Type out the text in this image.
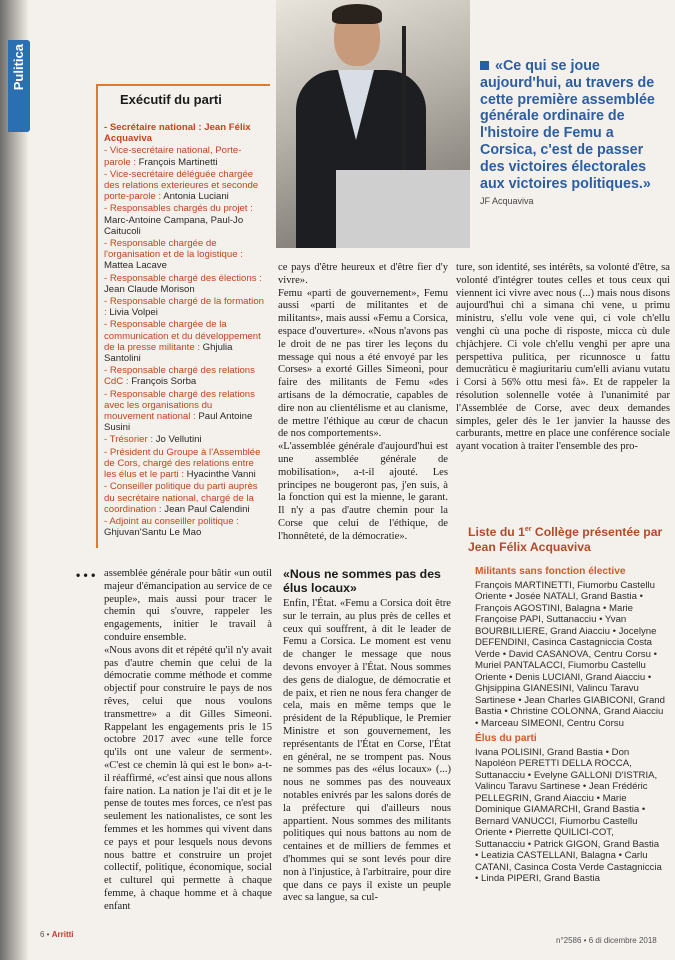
Pulitica
Exécutif du parti
- Secrétaire national : Jean Félix Acquaviva
- Vice-secrétaire national, Porte-parole : François Martinetti
- Vice-secrétaire déléguée chargée des relations exterieures et seconde porte-parole : Antonia Luciani
- Responsables chargés du projet : Marc-Antoine Campana, Paul-Jo Caitucoli
- Responsable chargée de l'organisation et de la logistique : Mattea Lacave
- Responsable chargé des élections : Jean Claude Morison
- Responsable chargé de la formation : Livia Volpei
- Responsable chargée de la communication et du développement de la presse militante : Ghjulia Santolini
- Responsable chargé des relations CdC : François Sorba
- Responsable chargé des relations avec les organisations du mouvement national : Paul Antoine Susini
- Trésorier : Jo Vellutini
- Président du Groupe à l'Assemblée de Cors, chargé des relations entre les élus et le parti : Hyacinthe Vanni
- Conseiller politique du parti auprès du secrétaire national, chargé de la coordination : Jean Paul Calendini
- Adjoint au conseiller politique : Ghjuvan'Santu Le Mao
«Ce qui se joue aujourd'hui, au travers de cette première assemblée générale ordinaire de l'histoire de Femu a Corsica, c'est de passer des victoires électorales aux victoires politiques.» JF Acquaviva

ce pays d'être heureux et d'être fier d'y vivre».

Femu «parti de gouvernement», Femu aussi «parti de militantes et de militants», mais aussi «Femu a Corsica, espace d'ouverture». «Nous n'avons pas le droit de ne pas tirer les leçons du message qui nous a été envoyé par les Corses» a exorté Gilles Simeoni, pour faire des militants de Femu «des artisans de la démocratie, capables de dire non au clientélisme et au clanisme, de mettre l'éthique au cœur de chacun de nos comportements».

«L'assemblée générale d'aujourd'hui est une assemblée générale de mobilisation», a-t-il ajouté. Les principes ne bougeront pas, j'en suis, à la fonction qui est la mienne, le garant. Il n'y a pas d'autre chemin pour la Corse que celui de l'éthique, de l'honnêteté, de la démocratie».

ture, son identité, ses intérêts, sa volonté d'être, sa volonté d'intégrer toutes celles et tous ceux qui viennent ici vivre avec nous (...) mais nous disons aujourd'hui chì a simana chì vene, u primu ministru, s'ellu vole vene quì, ci vole ch'ellu venghi cù una poche di risposte, micca cù dule chjàchjere. Ci vole ch'ellu venghi per apre una perspettiva pulitica, per ricunnosce u fattu demucràticu è magiuritariu cum'elli avìanu vutatu i Corsi à 56% ottu mesi fà». Et de rappeler la résolution solennelle votée à l'unanimité par l'Assemblée de Corse, avec deux demandes simples, geler dès le 1er janvier la hausse des carburants, mettre en place une conférence sociale ayant vocation à traiter l'ensemble des pro-

• • • assemblée générale pour bâtir «un outil majeur d'émancipation au service de ce peuple», mais aussi pour tracer le chemin qui s'ouvre, rappeler les engagements, initier le travail à conduire ensemble.

«Nous avons dit et répété qu'il n'y avait pas d'autre chemin que celui de la démocratie comme méthode et comme objectif pour construire le pays de nos rêves, celui que nous voulons transmettre» a dit Gilles Simeoni. Rappelant les engagements pris le 15 octobre 2017 avec «une telle force qu'ils ont une valeur de serment». «C'est ce chemin là qui est le bon» a-t-il réaffirmé, «c'est ainsi que nous allons faire nation. La nation je l'ai dit et je le pense de toutes mes forces, ce n'est pas seulement les nationalistes, ce sont les femmes et les hommes qui vivent dans ce pays et pour lesquels nous devons nous battre et construire un projet collectif, politique, économique, social et culturel qui permette à chaque femme, à chaque homme et à chaque enfant

«Nous ne sommes pas des élus locaux»

Enfin, l'État. «Femu a Corsica doit être sur le terrain, au plus près de celles et ceux qui souffrent, à dit le leader de Femu a Corsica. Le moment est venu de changer le message que nous devons envoyer à l'État. Nous sommes des gens de dialogue, de démocratie et de paix, et rien ne nous fera changer de cela, mais en même temps que le président de la République, le Premier Ministre et son gouvernement, les représentants de l'État en Corse, l'État en général, ne se trompent pas. Nous ne sommes pas des «élus locaux» (...) nous ne sommes pas des nouveaux notables enivrés par les salons dorés de la préfecture qui d'ailleurs nous appartient. Nous sommes des militants politiques qui nous battons au nom de centaines et de milliers de femmes et d'hommes qui se sont levés pour dire non à l'injustice, à l'arbitraire, pour dire que dans ce pays il existe un peuple avec sa langue, sa cul-

Liste du 1er Collège présentée par Jean Félix Acquaviva
Militants sans fonction élective
François MARTINETTI, Fiumorbu Castellu Oriente • Josée NATALI, Grand Bastia • François AGOSTINI, Balagna • Marie Françoise PAPI, Suttanacciu • Yvan BOURBILLIERE, Grand Aiacciu • Jocelyne DEFENDINI, Casinca Castagniccia Costa Verde • David CASANOVA, Centru Corsu • Muriel PANTALACCI, Fiumorbu Castellu Oriente • Denis LUCIANI, Grand Aiacciu • Ghjsippina GIANESINI, Valincu Taravu Sartinese • Jean Charles GIABICONI, Grand Bastia • Christine COLONNA, Grand Aiacciu • Marceau SIMEONI, Centru Corsu
Élus du parti
Ivana POLISINI, Grand Bastia • Don Napoléon PERETTI DELLA ROCCA, Suttanacciu • Evelyne GALLONI D'ISTRIA, Valincu Taravu Sartinese • Jean Frédéric PELLEGRIN, Grand Aiacciu • Marie Dominique GIAMARCHI, Grand Bastia • Bernard VANUCCI, Fiumorbu Castellu Oriente • Pierrette QUILICI-COT, Suttanacciu • Patrick GIGON, Grand Bastia • Leatizia CASTELLANI, Balagna • Carlu CATANI, Casinca Costa Verde Castagniccia • Linda PIPERI, Grand Bastia
6 • Arritti
n°2586 • 6 di dicembre 2018
